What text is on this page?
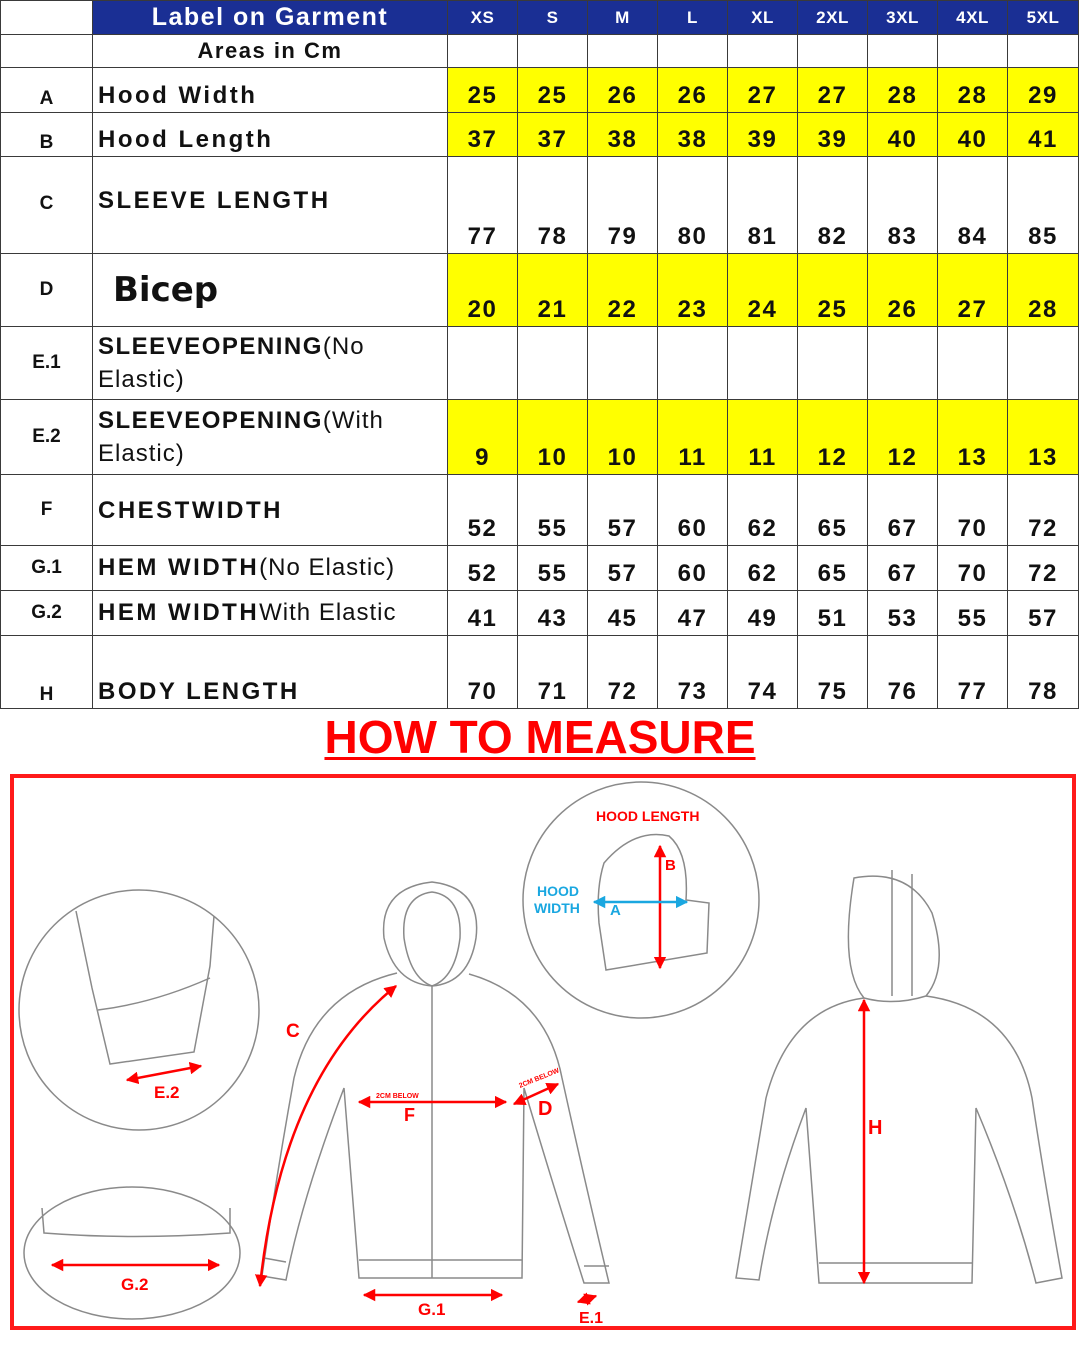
	Label on Garment	XS	S	M	L	XL	2XL	3XL	4XL	5XL
	Areas in Cm									
A	Hood Width	25	25	26	26	27	27	28	28	29
B	Hood Length	37	37	38	38	39	39	40	40	41
C	SLEEVE LENGTH	77	78	79	80	81	82	83	84	85
D	Bicep	20	21	22	23	24	25	26	27	28
E.1	SLEEVEOPENING(No Elastic)									
E.2	SLEEVEOPENING(With Elastic)	9	10	10	11	11	12	12	13	13
F	CHESTWIDTH	52	55	57	60	62	65	67	70	72
G.1	HEM WIDTH(No Elastic)	52	55	57	60	62	65	67	70	72
G.2	HEM WIDTHWith Elastic	41	43	45	47	49	51	53	55	57
H	BODY LENGTH	70	71	72	73	74	75	76	77	78
HOW TO MEASURE
HOOD LENGTH
B
HOOD
WIDTH A
C
E.2
G.2
2CM BELOW
F
2CM BELOW
D
G.1	E.1
H
